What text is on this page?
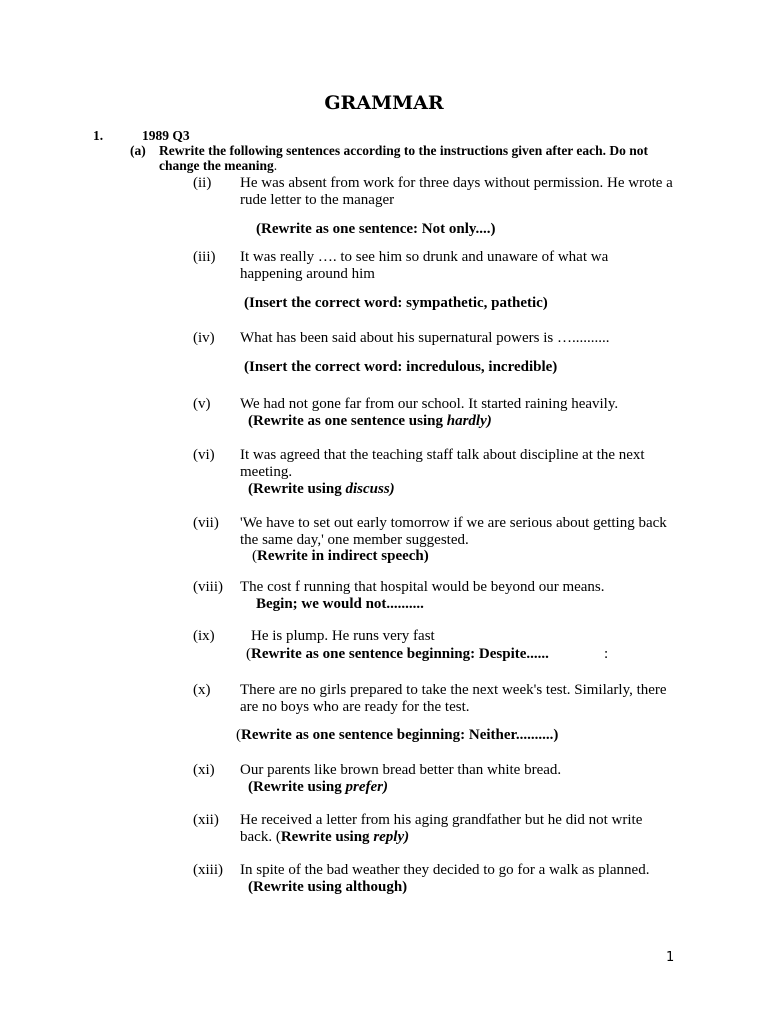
GRAMMAR
1.	1989 Q3
(a) Rewrite the following sentences according to the instructions given after each. Do not change the meaning.
(ii) He was absent from work for three days without permission. He wrote a rude letter to the manager
(Rewrite as one sentence: Not only....)
(iii) It was really …. to see him so drunk and unaware of what wa happening around him
(Insert the correct word: sympathetic, pathetic)
(iv) What has been said about his supernatural powers is …..........
(Insert the correct word: incredulous, incredible)
(v) We had not gone far from our school. It started raining heavily.
(Rewrite as one sentence using hardly)
(vi) It was agreed that the teaching staff talk about discipline at the next meeting.
(Rewrite using discuss)
(vii) 'We have to set out early tomorrow if we are serious about getting back the same day,' one member suggested.
(Rewrite in indirect speech)
(viii) The cost f running that hospital would be beyond our means.
Begin; we would not..........
(ix) He is plump. He runs very fast
(Rewrite as one sentence beginning: Despite......	:
(x) There are no girls prepared to take the next week's test. Similarly, there are no boys who are ready for the test.
(Rewrite as one sentence beginning: Neither..........)
(xi) Our parents like brown bread better than white bread.
(Rewrite using prefer)
(xii) He received a letter from his aging grandfather but he did not write back. (Rewrite using reply)
(xiii) In spite of the bad weather they decided to go for a walk as planned.
(Rewrite using although)
1
